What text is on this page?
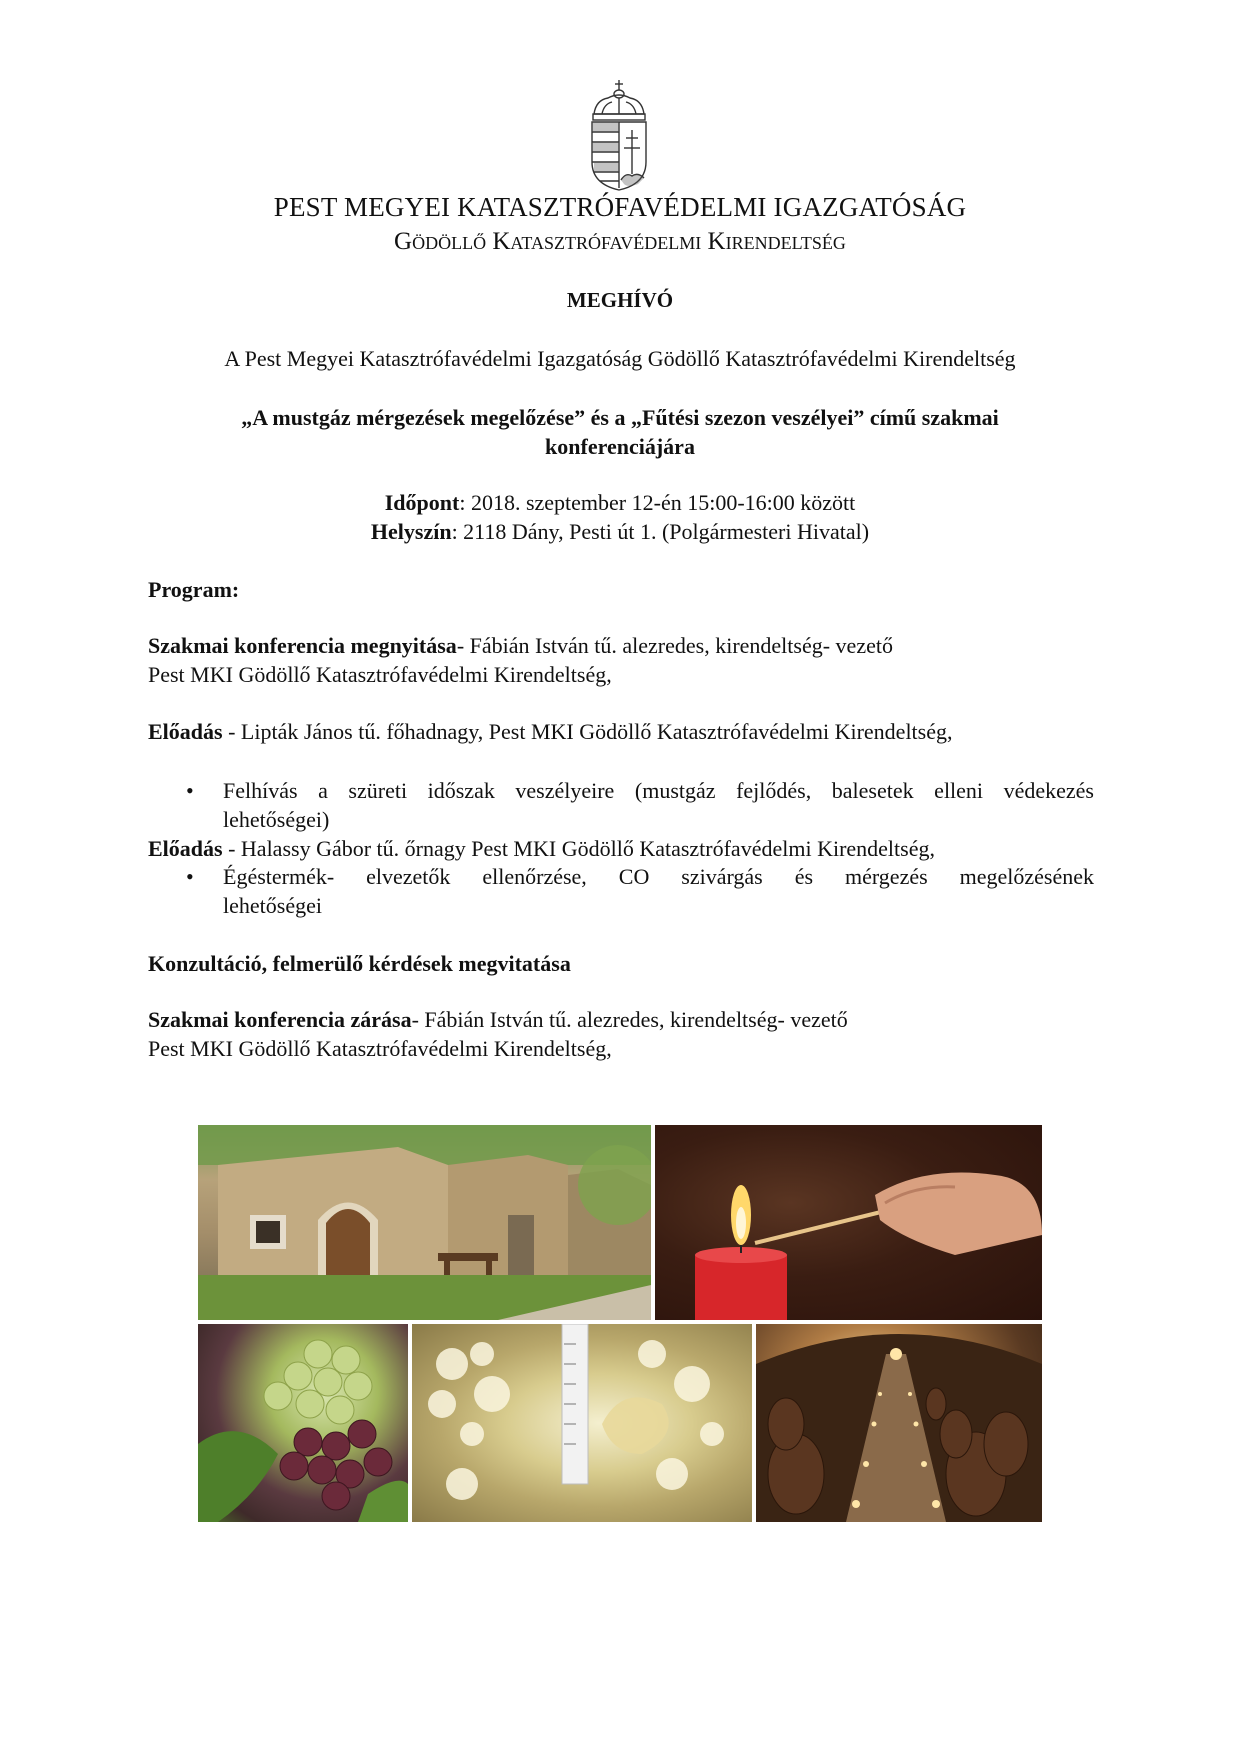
PEST MEGYEI KATASZTRÓFAVÉDELMI IGAZGATÓSÁG
Gödöllő Katasztrófavédelmi Kirendeltség
MEGHÍVÓ
A Pest Megyei Katasztrófavédelmi Igazgatóság Gödöllő Katasztrófavédelmi Kirendeltség
„A mustgáz mérgezések megelőzése” és a „Fűtési szezon veszélyei” című szakmai
konferenciájára
Időpont: 2018. szeptember 12-én 15:00-16:00 között
Helyszín: 2118 Dány, Pesti út 1. (Polgármesteri Hivatal)
Program:
Szakmai konferencia megnyitása- Fábián István tű. alezredes, kirendeltség- vezető
Pest MKI Gödöllő Katasztrófavédelmi Kirendeltség,
Előadás - Lipták János tű. főhadnagy, Pest MKI Gödöllő Katasztrófavédelmi Kirendeltség,
• Felhívás a szüreti időszak veszélyeire (mustgáz fejlődés, balesetek elleni védekezés
lehetőségei)
Előadás - Halassy Gábor tű. őrnagy Pest MKI Gödöllő Katasztrófavédelmi Kirendeltség,
• Égéstermék- elvezetők ellenőrzése, CO szivárgás és mérgezés megelőzésének
lehetőségei
Konzultáció, felmerülő kérdések megvitatása
Szakmai konferencia zárása- Fábián István tű. alezredes, kirendeltség- vezető
Pest MKI Gödöllő Katasztrófavédelmi Kirendeltség,
